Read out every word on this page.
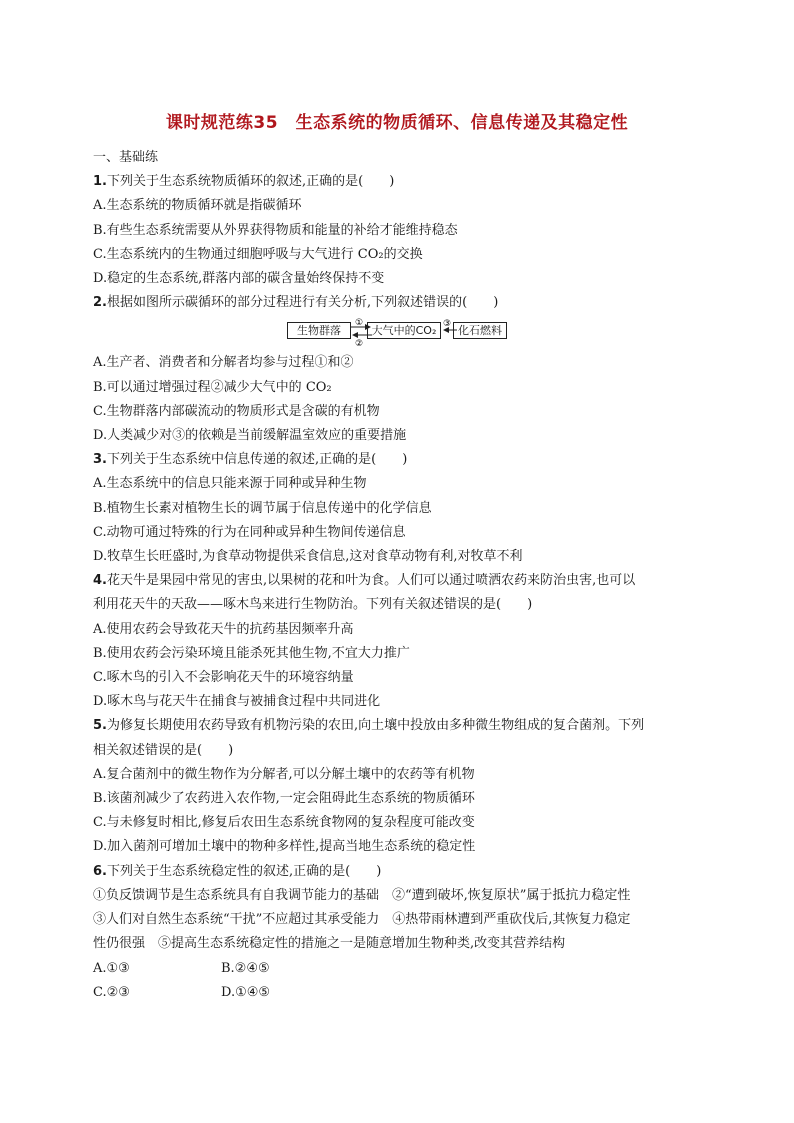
课时规范练35　生态系统的物质循环、信息传递及其稳定性
一、基础练
1.下列关于生态系统物质循环的叙述,正确的是(　　)
A.生态系统的物质循环就是指碳循环
B.有些生态系统需要从外界获得物质和能量的补给才能维持稳态
C.生态系统内的生物通过细胞呼吸与大气进行 CO₂的交换
D.稳定的生态系统,群落内部的碳含量始终保持不变
2.根据如图所示碳循环的部分过程进行有关分析,下列叙述错误的(　　)
生物群落	大气中的CO₂	化石燃料
①
②
③
A.生产者、消费者和分解者均参与过程①和②
B.可以通过增强过程②减少大气中的 CO₂
C.生物群落内部碳流动的物质形式是含碳的有机物
D.人类减少对③的依赖是当前缓解温室效应的重要措施
3.下列关于生态系统中信息传递的叙述,正确的是(　　)
A.生态系统中的信息只能来源于同种或异种生物
B.植物生长素对植物生长的调节属于信息传递中的化学信息
C.动物可通过特殊的行为在同种或异种生物间传递信息
D.牧草生长旺盛时,为食草动物提供采食信息,这对食草动物有利,对牧草不利
4.花天牛是果园中常见的害虫,以果树的花和叶为食。人们可以通过喷洒农药来防治虫害,也可以
利用花天牛的天敌——啄木鸟来进行生物防治。下列有关叙述错误的是(　　)
A.使用农药会导致花天牛的抗药基因频率升高
B.使用农药会污染环境且能杀死其他生物,不宜大力推广
C.啄木鸟的引入不会影响花天牛的环境容纳量
D.啄木鸟与花天牛在捕食与被捕食过程中共同进化
5.为修复长期使用农药导致有机物污染的农田,向土壤中投放由多种微生物组成的复合菌剂。下列
相关叙述错误的是(　　)
A.复合菌剂中的微生物作为分解者,可以分解土壤中的农药等有机物
B.该菌剂减少了农药进入农作物,一定会阻碍此生态系统的物质循环
C.与未修复时相比,修复后农田生态系统食物网的复杂程度可能改变
D.加入菌剂可增加土壤中的物种多样性,提高当地生态系统的稳定性
6.下列关于生态系统稳定性的叙述,正确的是(　　)
①负反馈调节是生态系统具有自我调节能力的基础　②“遭到破坏,恢复原状”属于抵抗力稳定性
③人们对自然生态系统“干扰”不应超过其承受能力　④热带雨林遭到严重砍伐后,其恢复力稳定
性仍很强　⑤提高生态系统稳定性的措施之一是随意增加生物种类,改变其营养结构
A.①③	B.②④⑤
C.②③	D.①④⑤
